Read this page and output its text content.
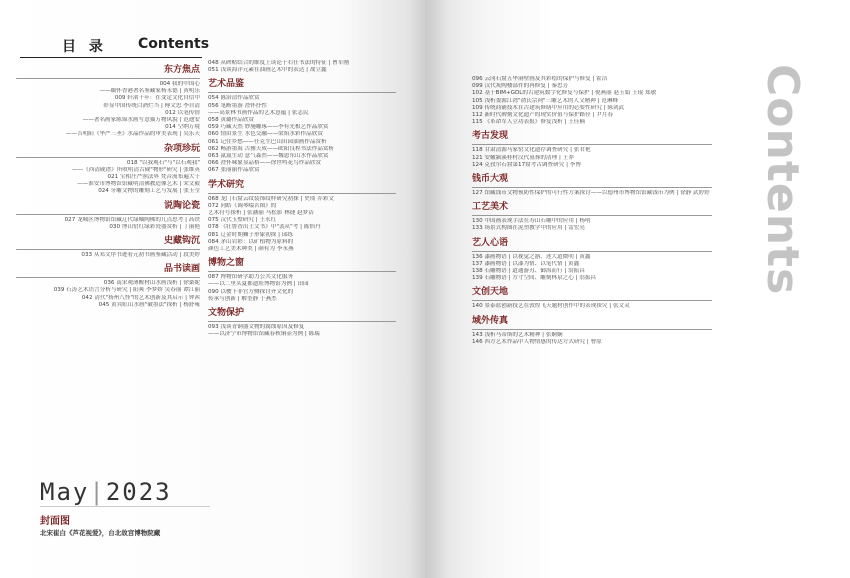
目 录 Contents
东方焦点
004 我的中国心
——缅怀香港著名鉴藏家杨永德 | 黄明乐
009 轩渚千年：在变定文化自信中
彰显中国传统白酒烂当 | 傅文忠 李自清
012 以笔传情
——著名画家陈锦水画写意猫万物风貌 | 范迪安
014 空纳万境
——吉明阳《华严三圣》水晶作品的审美表现 | 吴乐天
杂项珍玩
018 "以我观石"与"以石观我"
——《西清砚谱》所收明清古砚"物形"研究 | 张维英
021 宝相庄严照法界 梵音流布遍大千
——淮安市博物馆馆藏明清佛教造像艺术 | 宋文毅
024 牙雕文物的雕刻工艺与发展 | 张玉莹
说陶论瓷
027 龙城区博物馆馆藏辽代绿釉陶佛的几点思考 | 高铁
030 博山窑红绿彩瓷器赏析 | 丁丽艳
史藏钩沉
033 从邓文序书迹看元初书画鉴藏活动 | 段美婷
品书读画
036 南宋观薄醒材山水画浅析 | 徐桑妮
039 石涛艺术语言分析与研究 | 阳爽 李梦娇 吴春丽 谭江丽
042 清代"扬州八怪"的艺术创新及其启示 | 钟茜
045 黄宾虹山水画"破墨法"探析 | 杨舒雍
048 从碑帖结合的维度上谈论于右任书法的特征 | 曹军刚
051 浅谈海洋元素在油画艺术中的表达 | 战立鑫
艺术品鉴
054 陈治清作品欣赏
056 笔断墨游 澄怀抒性
——高景林书画作品的艺术意蕴 | 张志民
058 黄璐作品欣赏
059 巧藏天然 妙施雕琢——李有光根艺作品欣赏
060 情由景生 水色交融——梁焰水彩作品欣赏
061 记住乡愁——任克生巴山田园油画作品赏析
062 畅游墨海 古雅天成——欧阳良程书法作品赏析
063 氤氲生动 意气森然——魏恩东山水作品欣赏
066 澄怀味象显品格——徐世鸣花鸟作品欣赏
067 张丽丽作品欣赏
学术研究
068 龙门石窟云纹装饰纹样研究初探 | 史琰 乔彩文
072 同皓《调琴啜茗图》的
艺术符号探析 | 张涵丽 马松影 林捷 赵梦洁
075 汉代玉璧研究 | 王永红
078 《壮鲁香出土文书》中"裴从"考 | 陈怡丹
081 辽金时期狮子形象初探 | 邱练
084 茅山岩彩：以矿植物为原料的
颜色工艺美术种类 | 颜有为 李永燕
博物之窗
087 博物馆研学助力公共文化服务
——以二里头夏都遗址博物馆为例 | 田园
090 以樱下非官方侧探讨齐文化的
传承与创新 | 解奎静 于燕杰
文物保护
093 浅谈青铜器文物的腐蚀原因及修复
——以济宁市博物馆馆藏春秋铜壶为例 | 陈瑞
096 云冈石窟五华洞壁画及其彩绘的保护与修复 | 霍洁
099 汉代灰陶楼部件的再修复 | 秦忠芳
102 基于BIM+GDL的古建筑数字化修复与保护 | 倪燕丽 赵玉娟 王琨 郑敏
105 浅析娄源江湾"俞氏宗祠"三雕艺术的人文精神 | 范琳峰
109 传统商铺技术在古建筑修缮中应用的必要性研究 | 陈剑武
112 新时代碑刻文化遗产的现实价值与保护路径 | 尹月春
115 《革命军人立功表报》修复浅析 | 王佳楠
考古发现
118 甘肃清源马家窑文化遗存调查研究 | 张君艳
121 安徽颍溪桂村汉代墓葬的清理 | 王莽
124 克孜尔石窟第17窟考古调查研究 | 李博
钱币大观
127 馆藏钱币文物预防性保护的可行性方案探讨——以德州市博物馆馆藏钱币为例 | 徐静 武婷婷
工艺美术
130 中国画表现手法在寿山石雕中的应用 | 杨明
133 场景式构图在泥塑教学中的应用 | 雷宏亮
艺人心语
136 漆画物语 | 以视觉之器、述大道微明 | 黄鑫
137 漆画物语 | 以漆为情、以笔代情 | 黄鑫
138 石雕物语 | 道通游刃、御海而行 | 翁振昌
139 石雕物语 | 方寸空间、雕刻林泉之心 | 翁振昌
文创天地
140 景泰蓝创新技艺在敦煌飞天题材创作中的表现探究 | 张文灵
域外传真
143 浅析马蒂斯的艺术精神 | 张娴娴
146 西方艺术作品中人物情感的传达方式研究 | 曹原
May|2023
封面图
北宋崔白《芦花视爱》，台北故宫博物院藏
Contents
